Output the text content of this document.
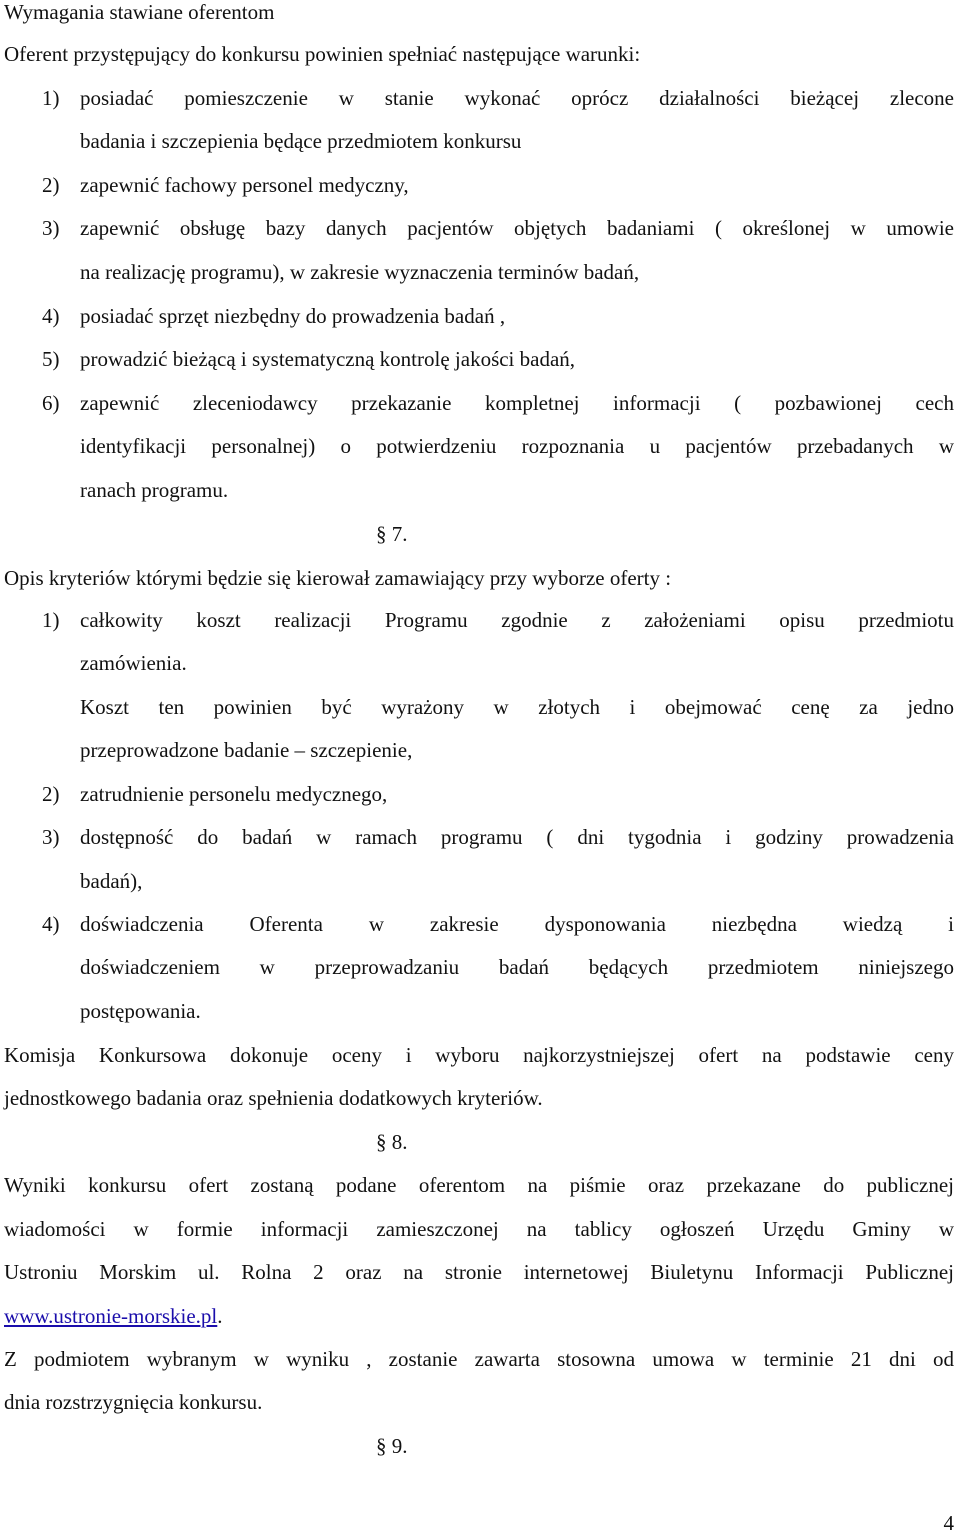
Wymagania stawiane oferentom
Oferent przystępujący do konkursu powinien spełniać następujące warunki:
1) posiadać pomieszczenie w stanie wykonać oprócz działalności bieżącej zlecone
badania i szczepienia będące przedmiotem konkursu
2) zapewnić fachowy personel medyczny,
3) zapewnić obsługę bazy danych pacjentów objętych badaniami ( określonej w umowie
na realizację programu), w zakresie wyznaczenia terminów badań,
4) posiadać sprzęt niezbędny do prowadzenia badań ,
5) prowadzić bieżącą i systematyczną kontrolę jakości badań,
6) zapewnić zleceniodawcy przekazanie kompletnej informacji ( pozbawionej cech
identyfikacji personalnej) o potwierdzeniu rozpoznania u pacjentów przebadanych w
ranach programu.
§ 7.
Opis kryteriów którymi będzie się kierował zamawiający przy wyborze oferty :
1) całkowity koszt realizacji Programu zgodnie z założeniami opisu przedmiotu
zamówienia.
Koszt ten powinien być wyrażony w złotych i obejmować cenę za jedno
przeprowadzone badanie – szczepienie,
2) zatrudnienie personelu medycznego,
3) dostępność do badań w ramach programu ( dni tygodnia i godziny prowadzenia
badań),
4) doświadczenia Oferenta w zakresie dysponowania niezbędna wiedzą i
doświadczeniem w przeprowadzaniu badań będących przedmiotem niniejszego
postępowania.
Komisja Konkursowa dokonuje oceny i wyboru najkorzystniejszej ofert na podstawie ceny
jednostkowego badania oraz spełnienia dodatkowych kryteriów.
§ 8.
Wyniki konkursu ofert zostaną podane oferentom na piśmie oraz przekazane do publicznej
wiadomości w formie informacji zamieszczonej na tablicy ogłoszeń Urzędu Gminy w
Ustroniu Morskim ul. Rolna 2 oraz na stronie internetowej Biuletynu Informacji Publicznej
www.ustronie-morskie.pl.
Z podmiotem wybranym w wyniku , zostanie zawarta stosowna umowa w terminie 21 dni od
dnia rozstrzygnięcia konkursu.
§ 9.
4
